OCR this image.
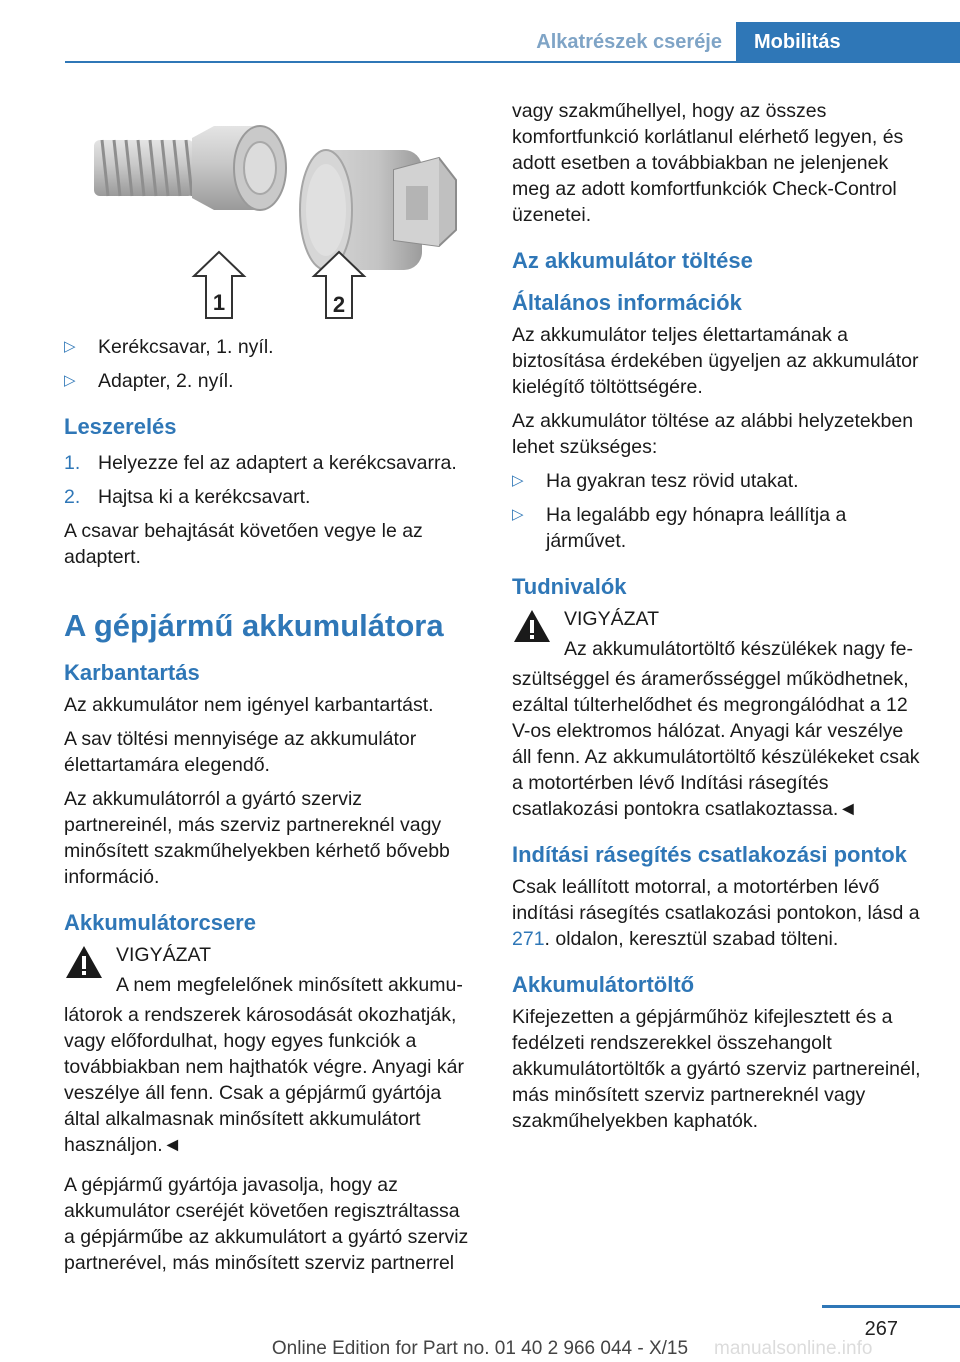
Alkatrészek cseréje	Mobilitás
1	2
▷ Kerékcsavar, 1. nyíl.
▷ Adapter, 2. nyíl.
Leszerelés
1. Helyezze fel az adaptert a kerékcsavarra.
2. Hajtsa ki a kerékcsavart.

A csavar behajtását követően vegye le az adaptert.

A gépjármű akkumulátora
Karbantartás

Az akkumulátor nem igényel karbantartást.

A sav töltési mennyisége az akkumulátor élettartamára elegendő.

Az akkumulátorról a gyártó szerviz partnereinél, más szerviz partnereknél vagy minősített szakműhelyekben kérhető bővebb információ.

Akkumulátorcsere

VIGYÁZAT

A nem megfelelőnek minősített akkumu-

látorok a rendszerek károsodását okozhatják, vagy előfordulhat, hogy egyes funkciók a továbbiakban nem hajthatók végre. Anyagi kár veszélye áll fenn. Csak a gépjármű gyártója által alkalmasnak minősített akkumulátort használjon.◄

A gépjármű gyártója javasolja, hogy az akkumulátor cseréjét követően regisztráltassa a gépjárműbe az akkumulátort a gyártó szerviz partnerével, más minősített szerviz partnerrel

vagy szakműhellyel, hogy az összes komfortfunkció korlátlanul elérhető legyen, és adott esetben a továbbiakban ne jelenjenek meg az adott komfortfunkciók Check-Control üzenetei.

Az akkumulátor töltése
Általános információk

Az akkumulátor teljes élettartamának a biztosítása érdekében ügyeljen az akkumulátor kielégítő töltöttségére.

Az akkumulátor töltése az alábbi helyzetekben lehet szükséges:

▷ Ha gyakran tesz rövid utakat.
▷ Ha legalább egy hónapra leállítja a járművet.
Tudnivalók

VIGYÁZAT

Az akkumulátortöltő készülékek nagy fe-

szültséggel és áramerősséggel működhetnek, ezáltal túlterhelődhet és megrongálódhat a 12 V-os elektromos hálózat. Anyagi kár veszélye áll fenn. Az akkumulátortöltő készülékeket csak a motortérben lévő Indítási rásegítés csatlakozási pontokra csatlakoztassa.◄

Indítási rásegítés csatlakozási pontok

Csak leállított motorral, a motortérben lévő indítási rásegítés csatlakozási pontokon, lásd a 271. oldalon, keresztül szabad tölteni.

Akkumulátortöltő

Kifejezetten a gépjárműhöz kifejlesztett és a fedélzeti rendszerekkel összehangolt akkumulátortöltők a gyártó szerviz partnereinél, más minősített szerviz partnereknél vagy szakműhelyekben kaphatók.

267
Online Edition for Part no. 01 40 2 966 044 - X/15	manualsonline.info
